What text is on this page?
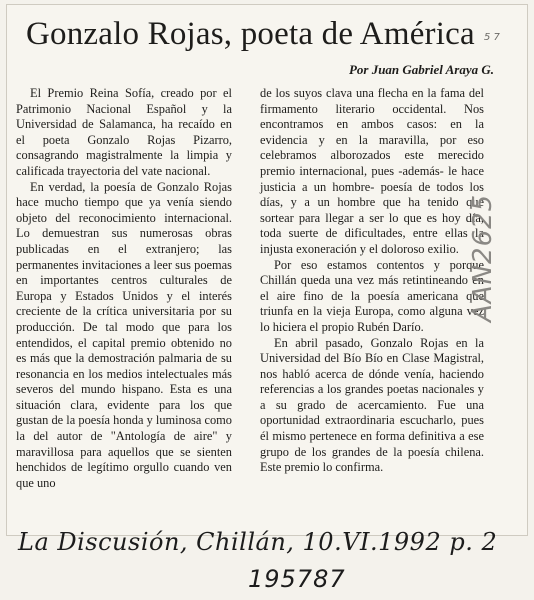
Gonzalo Rojas, poeta de América
Por Juan Gabriel Araya G.

El Premio Reina Sofía, creado por el Patrimonio Nacional Español y la Universidad de Salamanca, ha recaído en el poeta Gonzalo Rojas Pizarro, consagrando magistralmente la limpia y calificada trayectoria del vate nacional.

En verdad, la poesía de Gonzalo Rojas hace mucho tiempo que ya venía siendo objeto del reconocimiento internacional. Lo demuestran sus numerosas obras publicadas en el extranjero; las permanentes invitaciones a leer sus poemas en importantes centros culturales de Europa y Estados Unidos y el interés creciente de la crítica universitaria por su producción. De tal modo que para los entendidos, el capital premio obtenido no es más que la demostración palmaria de su resonancia en los medios intelectuales más severos del mundo hispano. Esta es una situación clara, evidente para los que gustan de la poesía honda y luminosa como la del autor de "Antología de aire" y maravillosa para aquellos que se sienten henchidos de legítimo orgullo cuando ven que uno

de los suyos clava una flecha en la fama del firmamento literario occidental. Nos encontramos en ambos casos: en la evidencia y en la maravilla, por eso celebramos alborozados este merecido premio internacional, pues -además- le hace justicia a un hombre- poesía de todos los días, y a un hombre que ha tenido que sortear para llegar a ser lo que es hoy día, toda suerte de dificultades, entre ellas la injusta exoneración y el doloroso exilio.

Por eso estamos contentos y porque Chillán queda una vez más retintineando en el aire fino de la poesía americana que triunfa en la vieja Europa, como alguna vez lo hiciera el propio Rubén Darío.

En abril pasado, Gonzalo Rojas en la Universidad del Bío Bío en Clase Magistral, nos habló acerca de dónde venía, haciendo referencias a los grandes poetas nacionales y a su grado de acercamiento. Fue una oportunidad extraordinaria escucharlo, pues él mismo pertenece en forma definitiva a ese grupo de los grandes de la poesía chilena. Este premio lo confirma.

5 7
AAN2625
La Discusión, Chillán, 10.VI.1992 p. 2
195787
